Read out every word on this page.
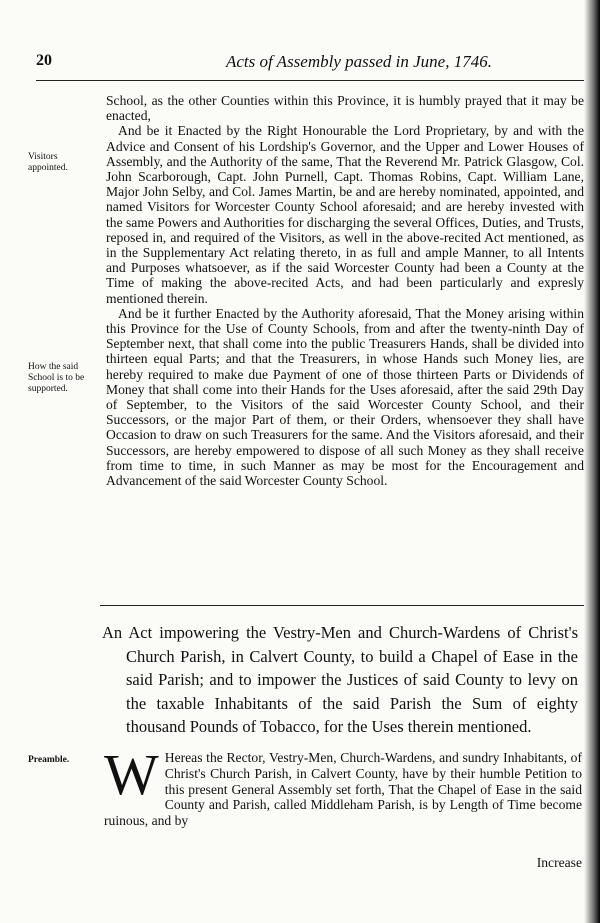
20	Acts of Assembly passed in June, 1746.
Visitors appointed.
How the said School is to be supported.
Preamble.

School, as the other Counties within this Province, it is humbly prayed that it may be enacted,

And be it Enacted by the Right Honourable the Lord Proprietary, by and with the Advice and Consent of his Lordship's Governor, and the Upper and Lower Houses of Assembly, and the Authority of the same, That the Reverend Mr. Patrick Glasgow, Col. John Scarborough, Capt. John Purnell, Capt. Thomas Robins, Capt. William Lane, Major John Selby, and Col. James Martin, be and are hereby nominated, appointed, and named Visitors for Worcester County School aforesaid; and are hereby invested with the same Powers and Authorities for discharging the several Offices, Duties, and Trusts, reposed in, and required of the Visitors, as well in the above-recited Act mentioned, as in the Supplementary Act relating thereto, in as full and ample Manner, to all Intents and Purposes whatsoever, as if the said Worcester County had been a County at the Time of making the above-recited Acts, and had been particularly and expresly mentioned therein.

And be it further Enacted by the Authority aforesaid, That the Money arising within this Province for the Use of County Schools, from and after the twenty-ninth Day of September next, that shall come into the public Treasurers Hands, shall be divided into thirteen equal Parts; and that the Treasurers, in whose Hands such Money lies, are hereby required to make due Payment of one of those thirteen Parts or Dividends of Money that shall come into their Hands for the Uses aforesaid, after the said 29th Day of September, to the Visitors of the said Worcester County School, and their Successors, or the major Part of them, or their Orders, whensoever they shall have Occasion to draw on such Treasurers for the same. And the Visitors aforesaid, and their Successors, are hereby empowered to dispose of all such Money as they shall receive from time to time, in such Manner as may be most for the Encouragement and Advancement of the said Worcester County School.

An Act impowering the Vestry-Men and Church-Wardens of Christ's Church Parish, in Calvert County, to build a Chapel of Ease in the said Parish; and to impower the Justices of said County to levy on the taxable Inhabitants of the said Parish the Sum of eighty thousand Pounds of Tobacco, for the Uses therein mentioned.
W Hereas the Rector, Vestry-Men, Church-Wardens, and sundry Inhabitants, of Christ's Church Parish, in Calvert County, have by their humble Petition to this present General Assembly set forth, That the Chapel of Ease in the said County and Parish, called Middleham Parish, is by Length of Time become ruinous, and by

Increase
